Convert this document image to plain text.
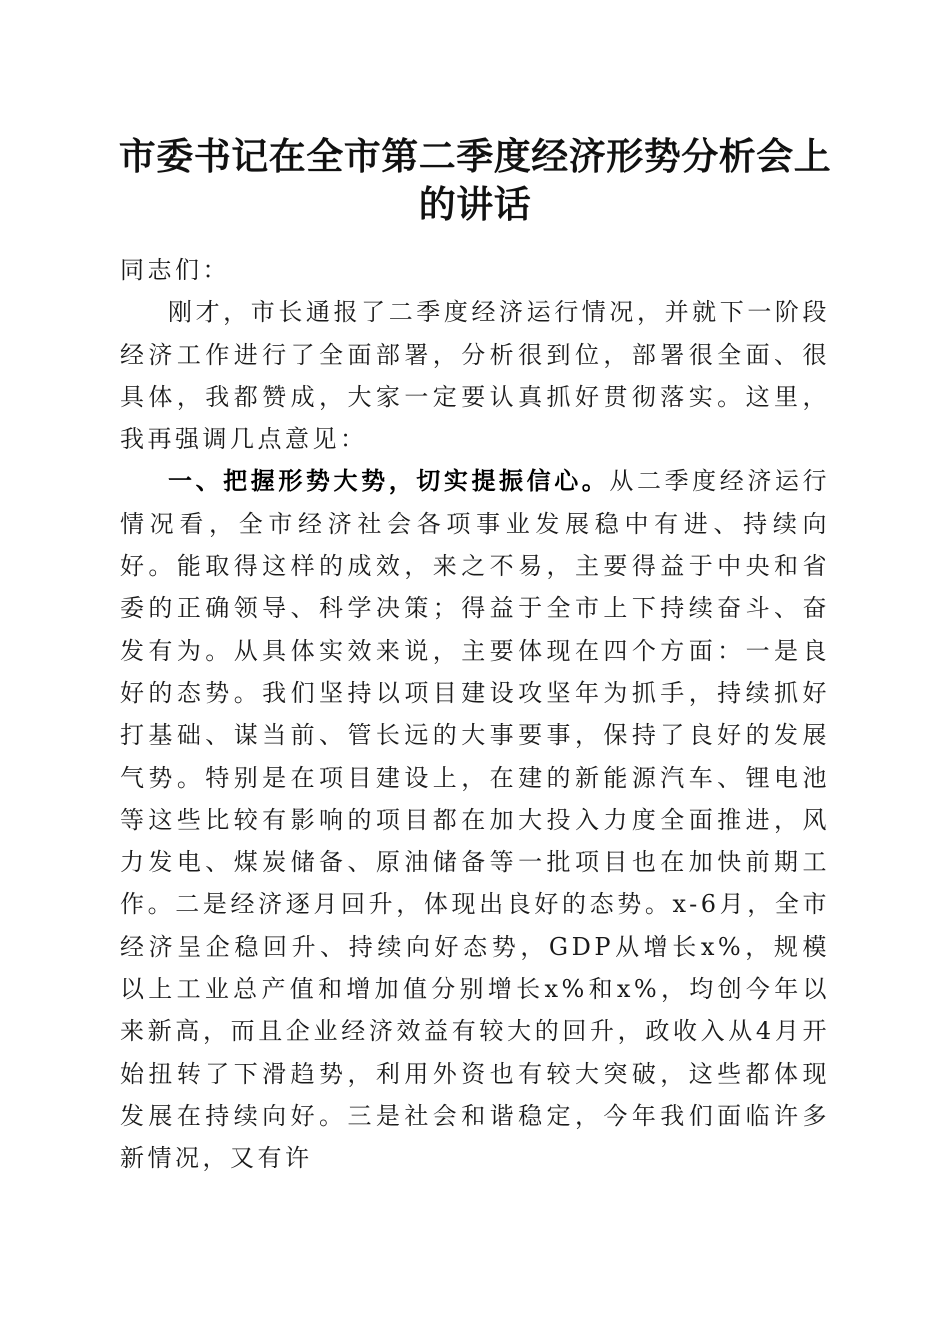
市委书记在全市第二季度经济形势分析会上的讲话

同志们：

刚才，市长通报了二季度经济运行情况，并就下一阶段经济工作进行了全面部署，分析很到位，部署很全面、很具体，我都赞成，大家一定要认真抓好贯彻落实。这里，我再强调几点意见：

一、把握形势大势，切实提振信心。从二季度经济运行情况看，全市经济社会各项事业发展稳中有进、持续向好。能取得这样的成效，来之不易，主要得益于中央和省委的正确领导、科学决策；得益于全市上下持续奋斗、奋发有为。从具体实效来说，主要体现在四个方面：一是良好的态势。我们坚持以项目建设攻坚年为抓手，持续抓好打基础、谋当前、管长远的大事要事，保持了良好的发展气势。特别是在项目建设上，在建的新能源汽车、锂电池等这些比较有影响的项目都在加大投入力度全面推进，风力发电、煤炭储备、原油储备等一批项目也在加快前期工作。二是经济逐月回升，体现出良好的态势。x-6月，全市经济呈企稳回升、持续向好态势，GDP从增长x%，规模以上工业总产值和增加值分别增长x%和x%，均创今年以来新高，而且企业经济效益有较大的回升，政收入从4月开始扭转了下滑趋势，利用外资也有较大突破，这些都体现发展在持续向好。三是社会和谐稳定，今年我们面临许多新情况，又有许
